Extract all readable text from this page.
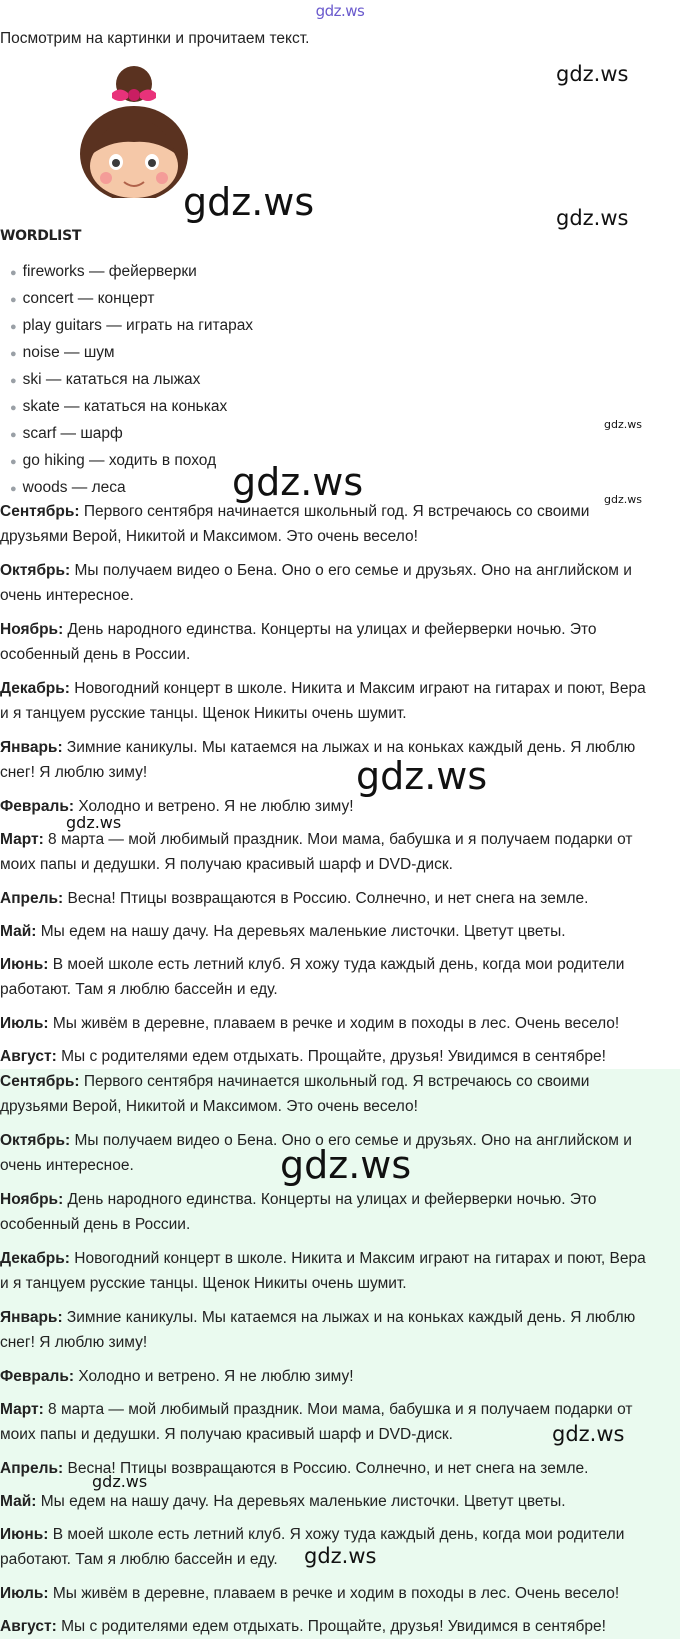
gdz.ws
Посмотрим на картинки и прочитаем текст.
WORDLIST
● fireworks — фейерверки
● concert — концерт
● play guitars — играть на гитарах
● noise — шум
● ski — кататься на лыжах
● skate — кататься на коньках
● scarf — шарф
● go hiking — ходить в поход
● woods — леса
Сентябрь: Первого сентября начинается школьный год. Я встречаюсь со своими друзьями Верой, Никитой и Максимом. Это очень весело!
Октябрь: Мы получаем видео о Бена. Оно о его семье и друзьях. Оно на английском и очень интересное.
Ноябрь: День народного единства. Концерты на улицах и фейерверки ночью. Это особенный день в России.
Декабрь: Новогодний концерт в школе. Никита и Максим играют на гитарах и поют, Вера и я танцуем русские танцы. Щенок Никиты очень шумит.
Январь: Зимние каникулы. Мы катаемся на лыжах и на коньках каждый день. Я люблю снег! Я люблю зиму!
Февраль: Холодно и ветрено. Я не люблю зиму!
Март: 8 марта — мой любимый праздник. Мои мама, бабушка и я получаем подарки от моих папы и дедушки. Я получаю красивый шарф и DVD-диск.
Апрель: Весна! Птицы возвращаются в Россию. Солнечно, и нет снега на земле.
Май: Мы едем на нашу дачу. На деревьях маленькие листочки. Цветут цветы.
Июнь: В моей школе есть летний клуб. Я хожу туда каждый день, когда мои родители работают. Там я люблю бассейн и еду.
Июль: Мы живём в деревне, плаваем в речке и ходим в походы в лес. Очень весело!
Август: Мы с родителями едем отдыхать. Прощайте, друзья! Увидимся в сентябре!
Сентябрь: Первого сентября начинается школьный год. Я встречаюсь со своими друзьями Верой, Никитой и Максимом. Это очень весело!
Октябрь: Мы получаем видео о Бена. Оно о его семье и друзьях. Оно на английском и очень интересное.
Ноябрь: День народного единства. Концерты на улицах и фейерверки ночью. Это особенный день в России.
Декабрь: Новогодний концерт в школе. Никита и Максим играют на гитарах и поют, Вера и я танцуем русские танцы. Щенок Никиты очень шумит.
Январь: Зимние каникулы. Мы катаемся на лыжах и на коньках каждый день. Я люблю снег! Я люблю зиму!
Февраль: Холодно и ветрено. Я не люблю зиму!
Март: 8 марта — мой любимый праздник. Мои мама, бабушка и я получаем подарки от моих папы и дедушки. Я получаю красивый шарф и DVD-диск.
Апрель: Весна! Птицы возвращаются в Россию. Солнечно, и нет снега на земле.
Май: Мы едем на нашу дачу. На деревьях маленькие листочки. Цветут цветы.
Июнь: В моей школе есть летний клуб. Я хожу туда каждый день, когда мои родители работают. Там я люблю бассейн и еду.
Июль: Мы живём в деревне, плаваем в речке и ходим в походы в лес. Очень весело!
Август: Мы с родителями едем отдыхать. Прощайте, друзья! Увидимся в сентябре!
gdz.ws
gdz.ws	gdz.ws
gdz.ws
gdz.ws	gdz.ws
gdz.ws
gdz.ws
gdz.ws
gdz.ws
gdz.ws
gdz.ws
